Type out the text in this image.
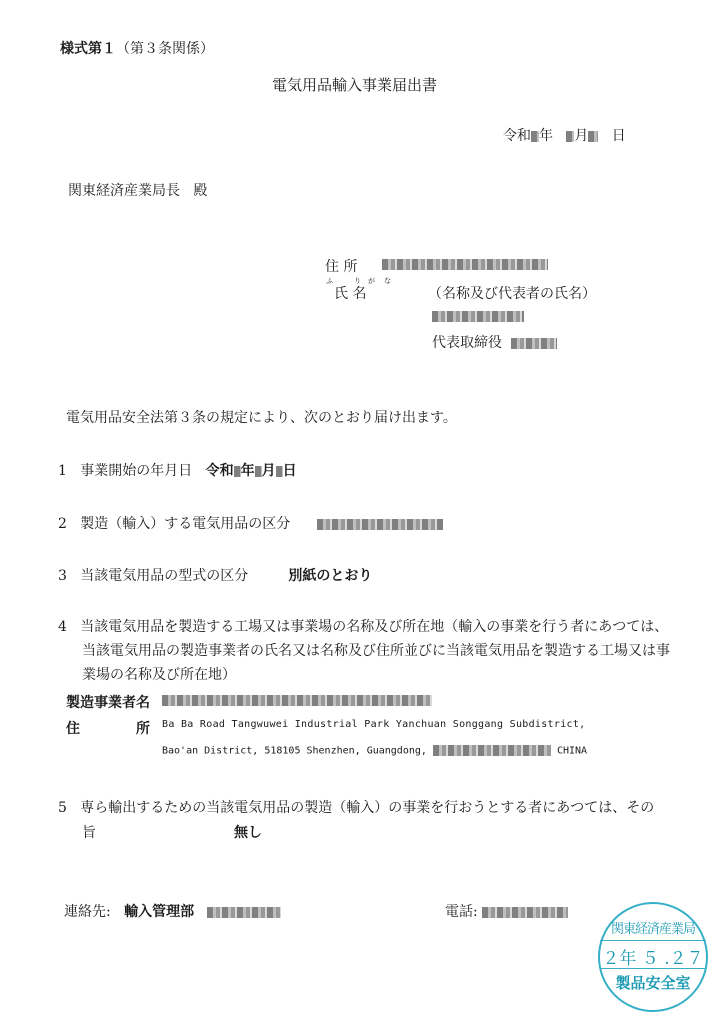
様式第１（第３条関係）
電気用品輸入事業届出書
令和 年 月 日
関東経済産業局長 殿
住 所
ふ	り が な
氏 名	（名称及び代表者の氏名）
代表取締役
電気用品安全法第３条の規定により、次のとおり届け出ます。
1 事業開始の年月日 令和 年 月 日
2 製造（輸入）する電気用品の区分
3 当該電気用品の型式の区分	別紙のとおり
4 当該電気用品を製造する工場又は事業場の名称及び所在地（輸入の事業を行う者にあつては、
当該電気用品の製造事業者の氏名又は名称及び住所並びに当該電気用品を製造する工場又は事
業場の名称及び所在地）
製造事業者名
住	所 Ba Ba Road Tangwuwei Industrial Park Yanchuan Songgang Subdistrict,
Bao'an District, 518105 Shenzhen, Guangdong,	CHINA
5 専ら輸出するための当該電気用品の製造（輸入）の事業を行おうとする者にあつては、その
旨	無し
連絡先: 輸入管理部	電話:
関東経済産業局
２年 ５ .２７
製品安全室
